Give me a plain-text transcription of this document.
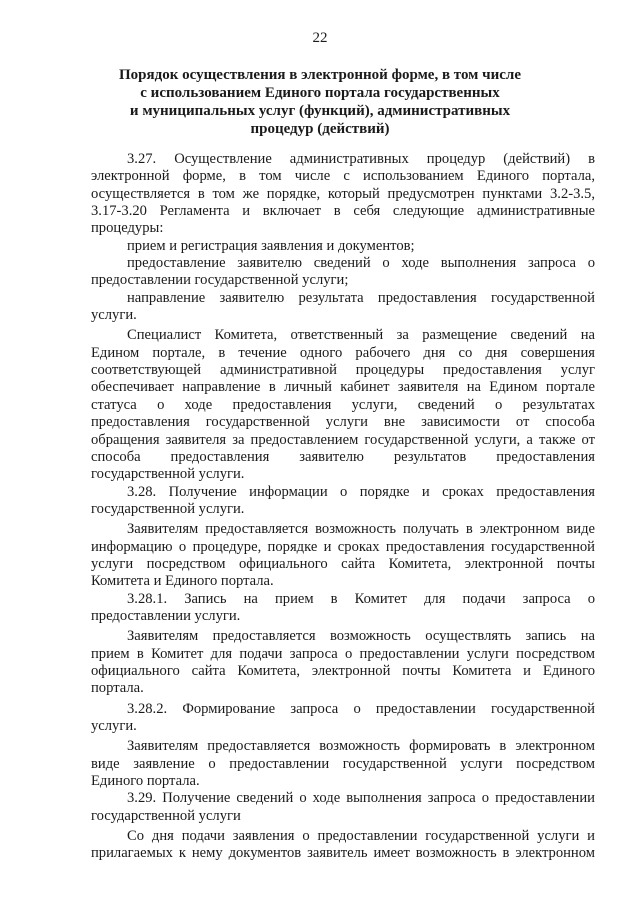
22
Порядок осуществления в электронной форме, в том числе
с использованием Единого портала государственных
и муниципальных услуг (функций), административных
процедур (действий)
3.27. Осуществление административных процедур (действий) в
электронной форме, в том числе с использованием Единого портала,
осуществляется в том же порядке, который предусмотрен пунктами 3.2-3.5,
3.17-3.20 Регламента и включает в себя следующие административные
процедуры:
прием и регистрация заявления и документов;
предоставление заявителю сведений о ходе выполнения запроса о
предоставлении государственной услуги;
направление заявителю результата предоставления государственной
услуги.
Специалист Комитета, ответственный за размещение сведений на
Едином портале, в течение одного рабочего дня со дня совершения
соответствующей административной процедуры предоставления услуг
обеспечивает направление в личный кабинет заявителя на Едином портале
статуса о ходе предоставления услуги, сведений о результатах
предоставления государственной услуги вне зависимости от способа
обращения заявителя за предоставлением государственной услуги, а также от
способа предоставления заявителю результатов предоставления
государственной услуги.
3.28. Получение информации о порядке и сроках предоставления
государственной услуги.
Заявителям предоставляется возможность получать в электронном виде
информацию о процедуре, порядке и сроках предоставления государственной
услуги посредством официального сайта Комитета, электронной почты
Комитета и Единого портала.
3.28.1. Запись на прием в Комитет для подачи запроса о
предоставлении услуги.
Заявителям предоставляется возможность осуществлять запись на
прием в Комитет для подачи запроса о предоставлении услуги посредством
официального сайта Комитета, электронной почты Комитета и Единого
портала.
3.28.2. Формирование запроса о предоставлении государственной
услуги.
Заявителям предоставляется возможность формировать в электронном
виде заявление о предоставлении государственной услуги посредством
Единого портала.
3.29. Получение сведений о ходе выполнения запроса о предоставлении
государственной услуги
Со дня подачи заявления о предоставлении государственной услуги и
прилагаемых к нему документов заявитель имеет возможность в электронном
